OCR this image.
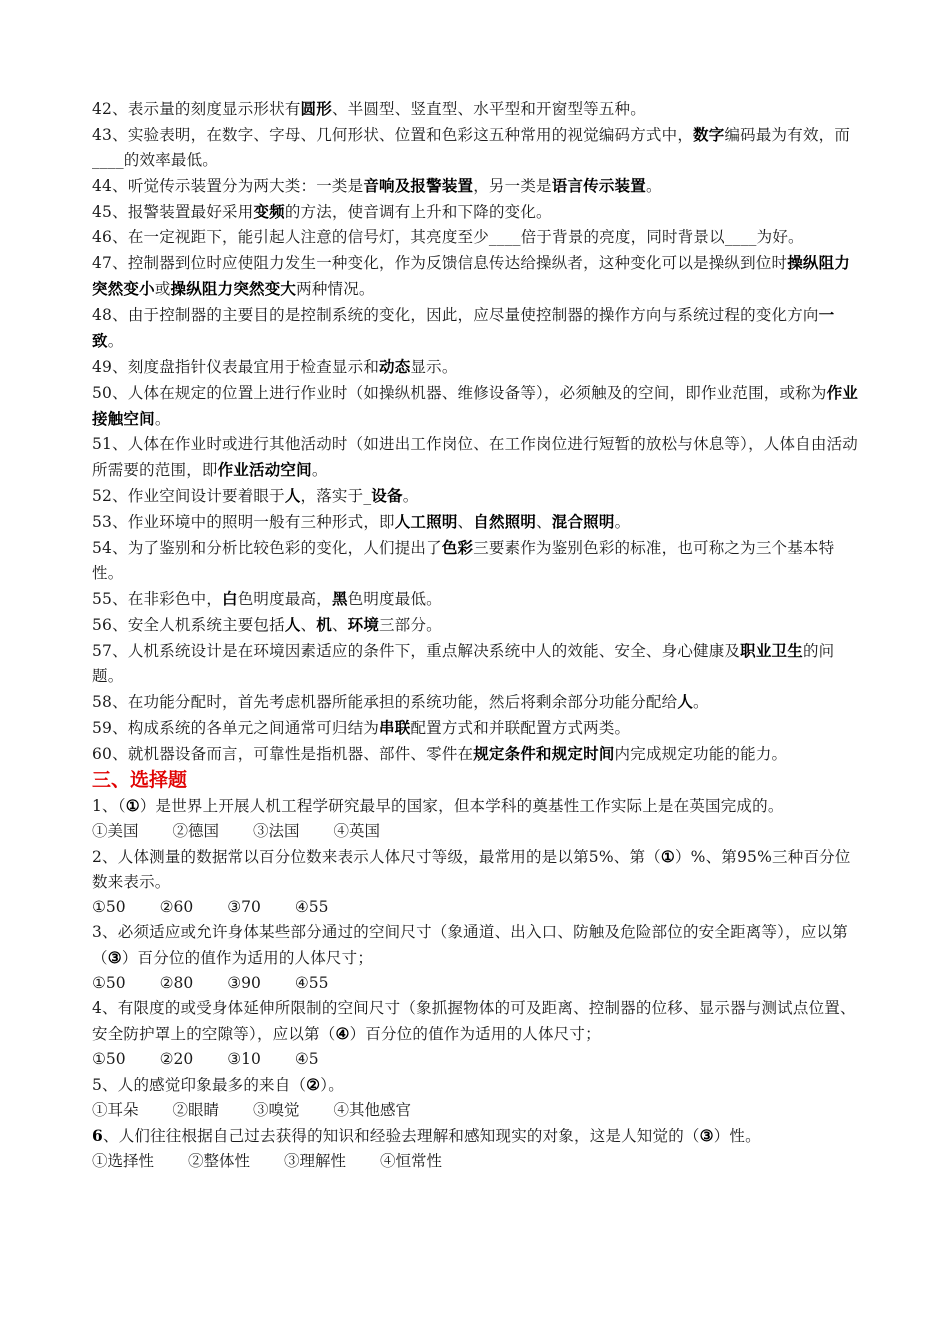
42、表示量的刻度显示形状有圆形、半圆型、竖直型、水平型和开窗型等五种。
43、实验表明，在数字、字母、几何形状、位置和色彩这五种常用的视觉编码方式中，数字编码最为有效，而____的效率最低。
44、听觉传示装置分为两大类：一类是音响及报警装置，另一类是语言传示装置。
45、报警装置最好采用变频的方法，使音调有上升和下降的变化。
46、在一定视距下，能引起人注意的信号灯，其亮度至少____倍于背景的亮度，同时背景以____为好。
47、控制器到位时应使阻力发生一种变化，作为反馈信息传达给操纵者，这种变化可以是操纵到位时操纵阻力突然变小或操纵阻力突然变大两种情况。
48、由于控制器的主要目的是控制系统的变化，因此，应尽量使控制器的操作方向与系统过程的变化方向一致。
49、刻度盘指针仪表最宜用于检查显示和动态显示。
50、人体在规定的位置上进行作业时（如操纵机器、维修设备等），必须触及的空间，即作业范围，或称为作业接触空间。
51、人体在作业时或进行其他活动时（如进出工作岗位、在工作岗位进行短暂的放松与休息等），人体自由活动所需要的范围，即作业活动空间。
52、作业空间设计要着眼于人，落实于_设备。
53、作业环境中的照明一般有三种形式，即人工照明、自然照明、混合照明。
54、为了鉴别和分析比较色彩的变化，人们提出了色彩三要素作为鉴别色彩的标准，也可称之为三个基本特性。
55、在非彩色中，白色明度最高，黑色明度最低。
56、安全人机系统主要包括人、机、环境三部分。
57、人机系统设计是在环境因素适应的条件下，重点解决系统中人的效能、安全、身心健康及职业卫生的问题。
58、在功能分配时，首先考虑机器所能承担的系统功能，然后将剩余部分功能分配给人。
59、构成系统的各单元之间通常可归结为串联配置方式和并联配置方式两类。
60、就机器设备而言，可靠性是指机器、部件、零件在规定条件和规定时间内完成规定功能的能力。
三、选择题
1、（①）是世界上开展人机工程学研究最早的国家，但本学科的奠基性工作实际上是在英国完成的。
①美国 ②德国 ③法国 ④英国
2、人体测量的数据常以百分位数来表示人体尺寸等级，最常用的是以第5%、第（①）%、第95%三种百分位数来表示。
①50 ②60 ③70 ④55
3、必须适应或允许身体某些部分通过的空间尺寸（象通道、出入口、防触及危险部位的安全距离等），应以第（③）百分位的值作为适用的人体尺寸；
①50 ②80 ③90 ④55
4、有限度的或受身体延伸所限制的空间尺寸（象抓握物体的可及距离、控制器的位移、显示器与测试点位置、安全防护罩上的空隙等），应以第（④）百分位的值作为适用的人体尺寸；
①50 ②20 ③10 ④5
5、人的感觉印象最多的来自（②）。
①耳朵 ②眼睛 ③嗅觉 ④其他感官
6、人们往往根据自己过去获得的知识和经验去理解和感知现实的对象，这是人知觉的（③）性。
①选择性 ②整体性 ③理解性 ④恒常性
